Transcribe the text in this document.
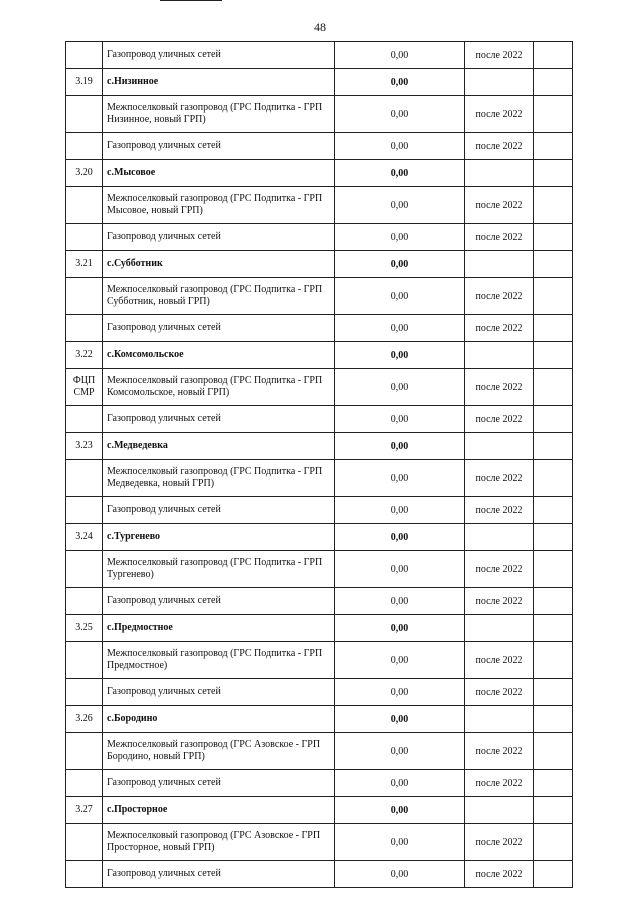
48
	Газопровод уличных сетей	0,00	после 2022	
3.19	с.Низинное	0,00		
	Межпоселковый газопровод (ГРС Подпитка - ГРП Низинное, новый ГРП)	0,00	после 2022	
	Газопровод уличных сетей	0,00	после 2022	
3.20	с.Мысовое	0,00		
	Межпоселковый газопровод (ГРС Подпитка - ГРП Мысовое, новый ГРП)	0,00	после 2022	
	Газопровод уличных сетей	0,00	после 2022	
3.21	с.Субботник	0,00		
	Межпоселковый газопровод (ГРС Подпитка - ГРП Субботник, новый ГРП)	0,00	после 2022	
	Газопровод уличных сетей	0,00	после 2022	
3.22	с.Комсомольское	0,00		
ФЦП СМР	Межпоселковый газопровод (ГРС Подпитка - ГРП Комсомольское, новый ГРП)	0,00	после 2022	
	Газопровод уличных сетей	0,00	после 2022	
3.23	с.Медведевка	0,00		
	Межпоселковый газопровод (ГРС Подпитка - ГРП Медведевка, новый ГРП)	0,00	после 2022	
	Газопровод уличных сетей	0,00	после 2022	
3.24	с.Тургенево	0,00		
	Межпоселковый газопровод (ГРС Подпитка - ГРП Тургенево)	0,00	после 2022	
	Газопровод уличных сетей	0,00	после 2022	
3.25	с.Предмостное	0,00		
	Межпоселковый газопровод (ГРС Подпитка - ГРП Предмостное)	0,00	после 2022	
	Газопровод уличных сетей	0,00	после 2022	
3.26	с.Бородино	0,00		
	Межпоселковый газопровод (ГРС Азовское - ГРП Бородино, новый ГРП)	0,00	после 2022	
	Газопровод уличных сетей	0,00	после 2022	
3.27	с.Просторное	0,00		
	Межпоселковый газопровод (ГРС Азовское - ГРП Просторное, новый ГРП)	0,00	после 2022	
	Газопровод уличных сетей	0,00	после 2022	
